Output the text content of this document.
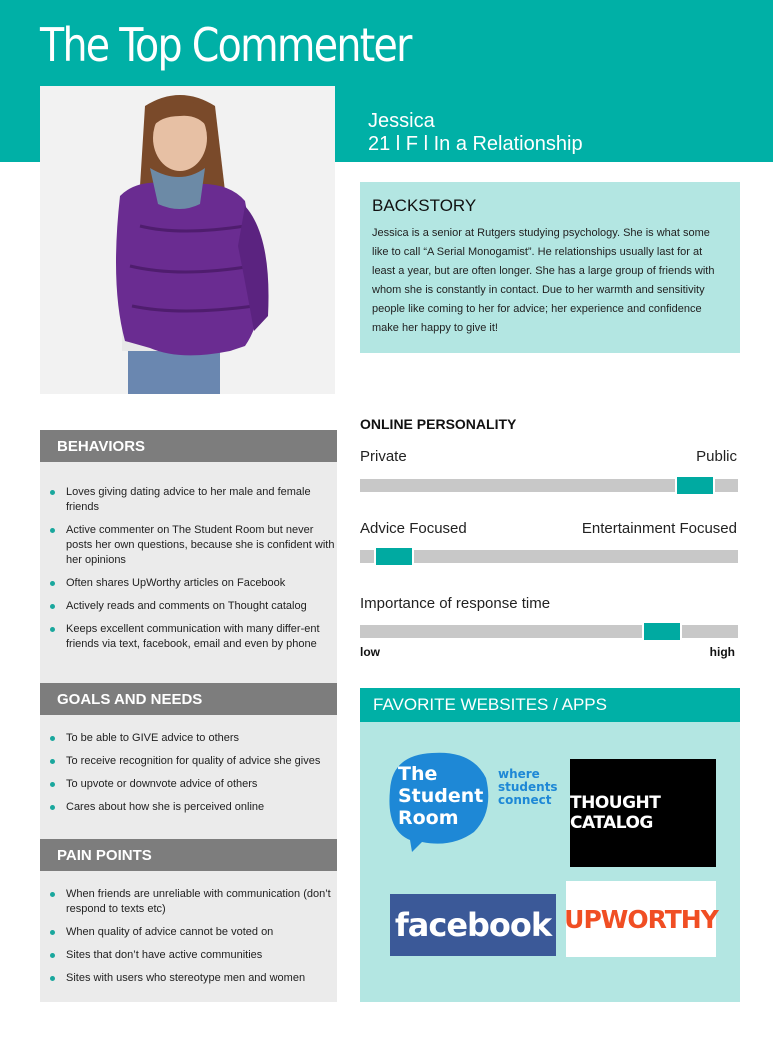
The Top Commenter
Jessica
21 l F l In a Relationship
BACKSTORY

Jessica is a senior at Rutgers studying psychology. She is what some like to call “A Serial Monogamist”. He relationships usually last for at least a year, but are often longer. She has a large group of friends with whom she is constantly in contact. Due to her warmth and sensitivity people like coming to her for advice; her experience and confidence make her happy to give it!

BEHAVIORS
Loves giving dating advice to her male and female friends
Active commenter on The Student Room but never posts her own questions, because she is confident with her opinions
Often shares UpWorthy articles on Facebook
Actively reads and comments on Thought catalog
Keeps excellent communication with many differ-ent friends via text, facebook, email and even by phone
GOALS AND NEEDS
To be able to GIVE advice to others
To receive recognition for quality of advice she gives
To upvote or downvote advice of others
Cares about how she is perceived online
PAIN POINTS
When friends are unreliable with communication (don’t respond to texts etc)
When quality of advice cannot be voted on
Sites that don’t have active communities
Sites with users who stereotype men and women
ONLINE PERSONALITY
Private	Public
Advice Focused	Entertainment Focused
Importance of response time
low	high
FAVORITE WEBSITES / APPS
The
Student
Room
where
students
connect THOUGHT CATALOG
UPWORTHY
facebook
